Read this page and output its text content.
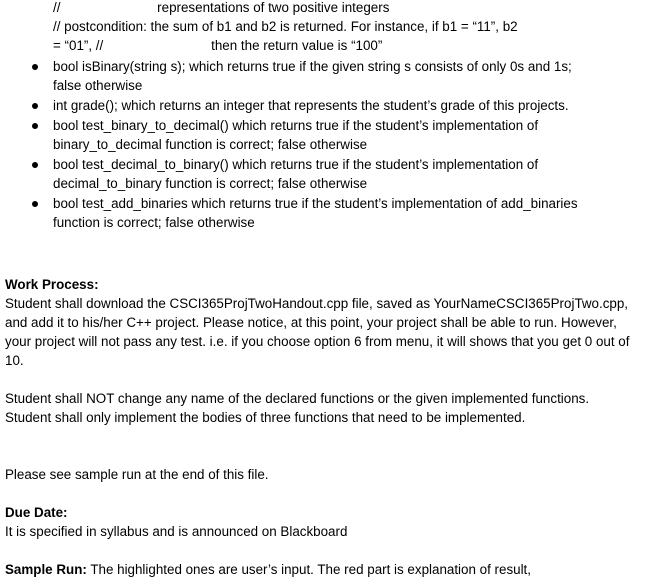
//                          representations of two positive integers
// postcondition: the sum of b1 and b2 is returned. For instance, if b1 = “11”, b2
= “01”, //                             then the return value is “100”
bool isBinary(string s); which returns true if the given string s consists of only 0s and 1s; false otherwise
int grade(); which returns an integer that represents the student’s grade of this projects.
bool test_binary_to_decimal() which returns true if the student’s implementation of binary_to_decimal function is correct; false otherwise
bool test_decimal_to_binary() which returns true if the student’s implementation of decimal_to_binary function is correct; false otherwise
bool test_add_binaries which returns true if the student’s implementation of add_binaries function is correct; false otherwise
Work Process:
Student shall download the CSCI365ProjTwoHandout.cpp file, saved as YourNameCSCI365ProjTwo.cpp, and add it to his/her C++ project. Please notice, at this point, your project shall be able to run. However, your project will not pass any test. i.e. if you choose option 6 from menu, it will shows that you get 0 out of 10.
Student shall NOT change any name of the declared functions or the given implemented functions. Student shall only implement the bodies of three functions that need to be implemented.
Please see sample run at the end of this file.
Due Date:
It is specified in syllabus and is announced on Blackboard
Sample Run: The highlighted ones are user’s input. The red part is explanation of result,
